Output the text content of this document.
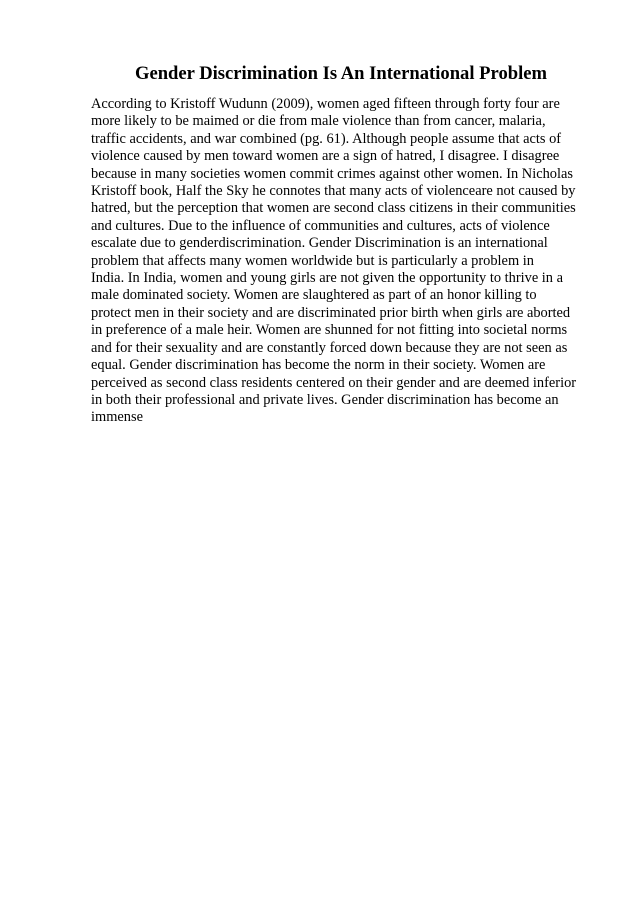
Gender Discrimination Is An International Problem
According to Kristoff Wudunn (2009), women aged fifteen through forty four are
more likely to be maimed or die from male violence than from cancer, malaria,
traffic accidents, and war combined (pg. 61). Although people assume that acts of
violence caused by men toward women are a sign of hatred, I disagree. I disagree
because in many societies women commit crimes against other women. In Nicholas
Kristoff book, Half the Sky he connotes that many acts of violenceare not caused by
hatred, but the perception that women are second class citizens in their communities
and cultures. Due to the influence of communities and cultures, acts of violence
escalate due to genderdiscrimination. Gender Discrimination is an international
problem that affects many women worldwide but is particularly a problem in
India. In India, women and young girls are not given the opportunity to thrive in a
male dominated society. Women are slaughtered as part of an honor killing to
protect men in their society and are discriminated prior birth when girls are aborted
in preference of a male heir. Women are shunned for not fitting into societal norms
and for their sexuality and are constantly forced down because they are not seen as
equal. Gender discrimination has become the norm in their society. Women are
perceived as second class residents centered on their gender and are deemed inferior
in both their professional and private lives. Gender discrimination has become an
immense
